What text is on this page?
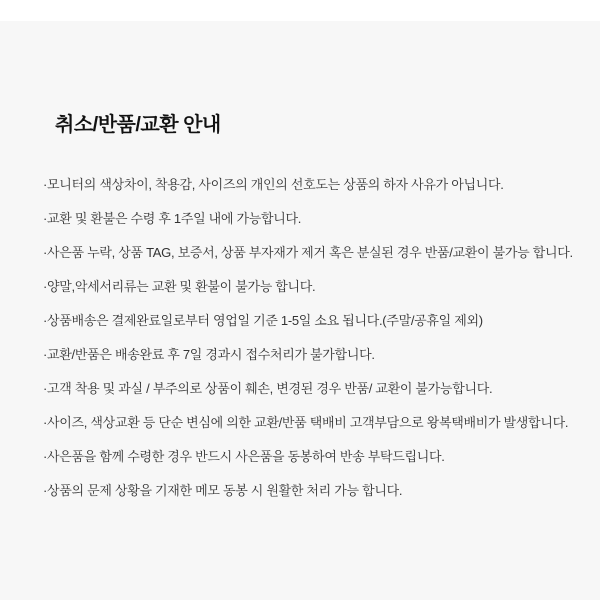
취소/반품/교환 안내
·모니터의 색상차이, 착용감, 사이즈의 개인의 선호도는 상품의 하자 사유가 아닙니다.
·교환 및 환불은 수령 후 1주일 내에 가능합니다.
·사은품 누락, 상품 TAG, 보증서, 상품 부자재가 제거 혹은 분실된 경우 반품/교환이 불가능 합니다.
·양말,악세서리류는 교환 및 환불이 불가능 합니다.
·상품배송은 결제완료일로부터 영업일 기준 1-5일 소요 됩니다.(주말/공휴일 제외)
·교환/반품은 배송완료 후 7일 경과시 접수처리가 불가합니다.
·고객 착용 및 과실 / 부주의로 상품이 훼손, 변경된 경우 반품/ 교환이 불가능합니다.
·사이즈, 색상교환 등 단순 변심에 의한 교환/반품 택배비 고객부담으로 왕복택배비가 발생합니다.
·사은품을 함께 수령한 경우 반드시 사은품을 동봉하여 반송 부탁드립니다.
·상품의 문제 상황을 기재한 메모 동봉 시 원활한 처리 가능 합니다.
